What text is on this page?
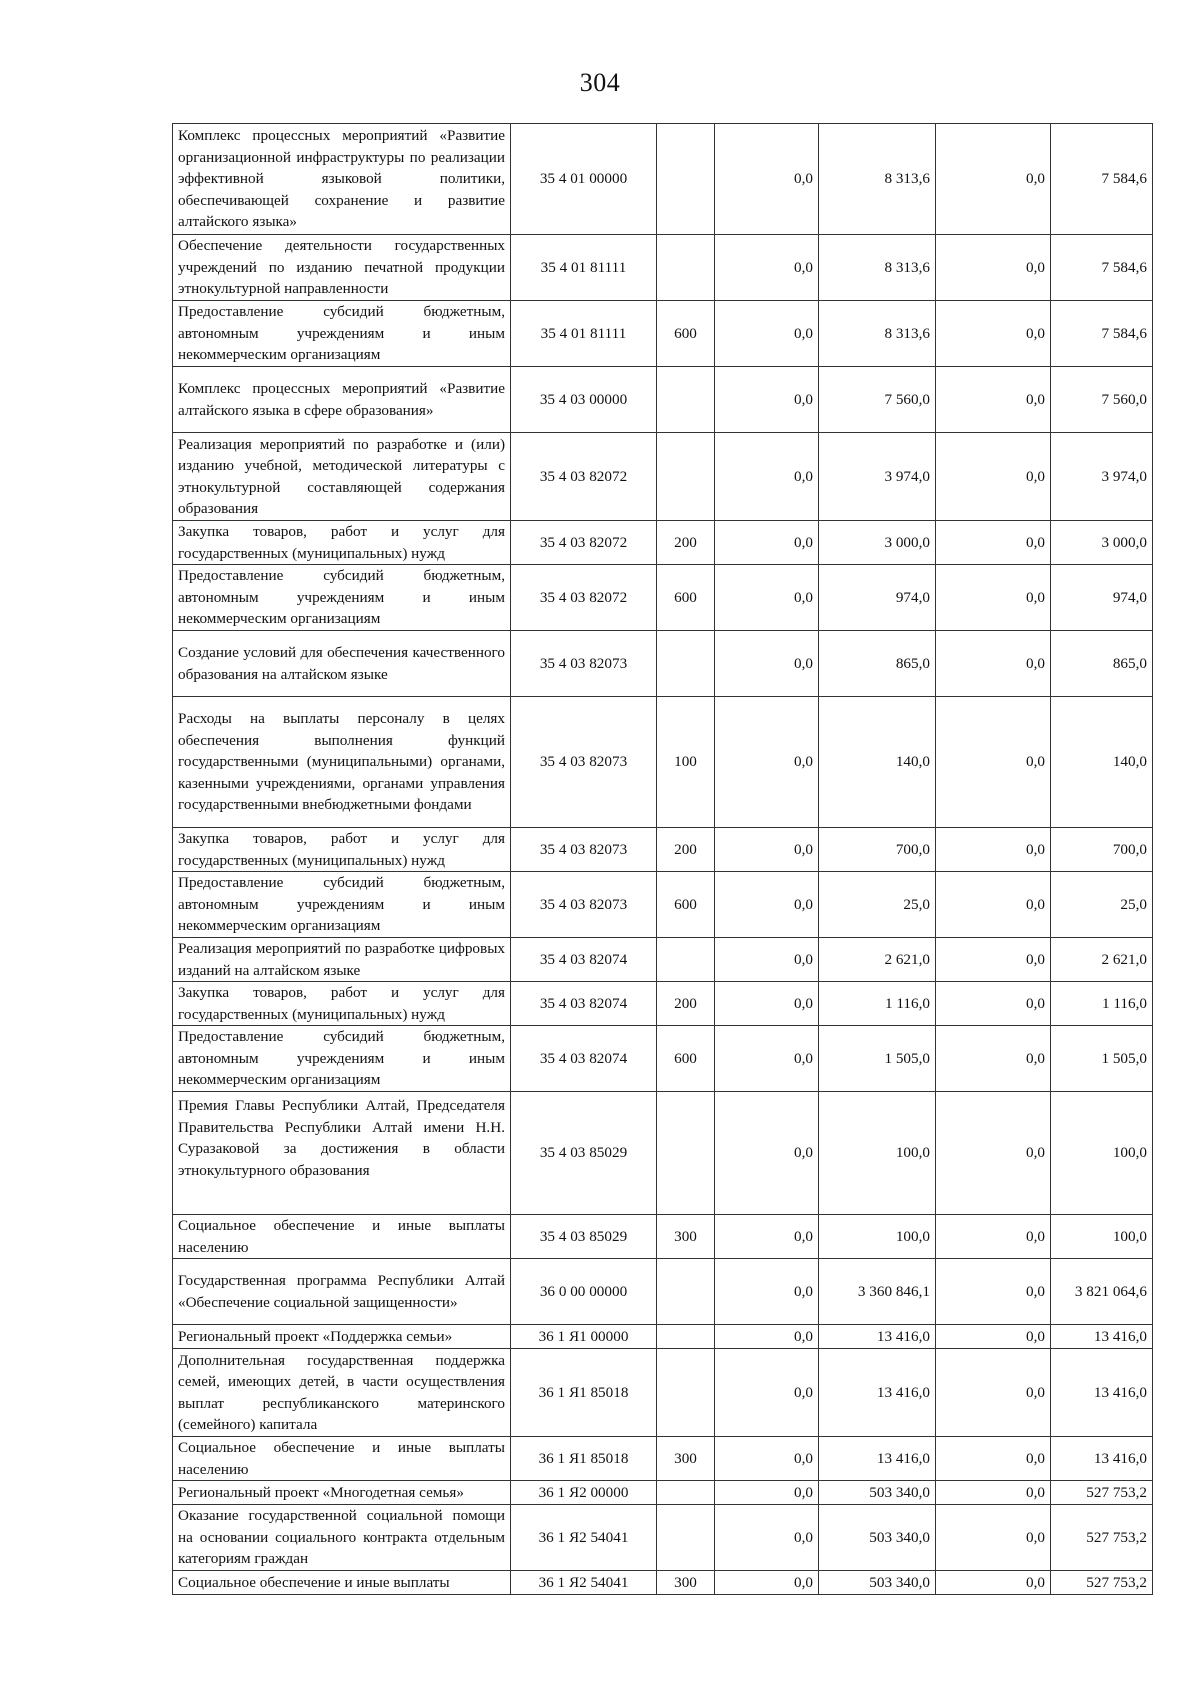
304
Комплекс процессных мероприятий «Развитие организационной инфраструктуры по реализации эффективной языковой политики, обеспечивающей сохранение и развитие алтайского языка»	35 4 01 00000		0,0	8 313,6	0,0	7 584,6
Обеспечение деятельности государственных учреждений по изданию печатной продукции этнокультурной направленности	35 4 01 81111		0,0	8 313,6	0,0	7 584,6
Предоставление субсидий бюджетным, автономным учреждениям и иным некоммерческим организациям	35 4 01 81111	600	0,0	8 313,6	0,0	7 584,6
Комплекс процессных мероприятий «Развитие алтайского языка в сфере образования»	35 4 03 00000		0,0	7 560,0	0,0	7 560,0
Реализация мероприятий по разработке и (или) изданию учебной, методической литературы с этнокультурной составляющей содержания образования	35 4 03 82072		0,0	3 974,0	0,0	3 974,0
Закупка товаров, работ и услуг для государственных (муниципальных) нужд	35 4 03 82072	200	0,0	3 000,0	0,0	3 000,0
Предоставление субсидий бюджетным, автономным учреждениям и иным некоммерческим организациям	35 4 03 82072	600	0,0	974,0	0,0	974,0
Создание условий для обеспечения качественного образования на алтайском языке	35 4 03 82073		0,0	865,0	0,0	865,0
Расходы на выплаты персоналу в целях обеспечения выполнения функций государственными (муниципальными) органами, казенными учреждениями, органами управления государственными внебюджетными фондами	35 4 03 82073	100	0,0	140,0	0,0	140,0
Закупка товаров, работ и услуг для государственных (муниципальных) нужд	35 4 03 82073	200	0,0	700,0	0,0	700,0
Предоставление субсидий бюджетным, автономным учреждениям и иным некоммерческим организациям	35 4 03 82073	600	0,0	25,0	0,0	25,0
Реализация мероприятий по разработке цифровых изданий на алтайском языке	35 4 03 82074		0,0	2 621,0	0,0	2 621,0
Закупка товаров, работ и услуг для государственных (муниципальных) нужд	35 4 03 82074	200	0,0	1 116,0	0,0	1 116,0
Предоставление субсидий бюджетным, автономным учреждениям и иным некоммерческим организациям	35 4 03 82074	600	0,0	1 505,0	0,0	1 505,0
Премия Главы Республики Алтай, Председателя Правительства Республики Алтай имени Н.Н. Суразаковой за достижения в области этнокультурного образования	35 4 03 85029		0,0	100,0	0,0	100,0
Социальное обеспечение и иные выплаты населению	35 4 03 85029	300	0,0	100,0	0,0	100,0
Государственная программа Республики Алтай «Обеспечение социальной защищенности»	36 0 00 00000		0,0	3 360 846,1	0,0	3 821 064,6
Региональный проект «Поддержка семьи»	36 1 Я1 00000		0,0	13 416,0	0,0	13 416,0
Дополнительная государственная поддержка семей, имеющих детей, в части осуществления выплат республиканского материнского (семейного) капитала	36 1 Я1 85018		0,0	13 416,0	0,0	13 416,0
Социальное обеспечение и иные выплаты населению	36 1 Я1 85018	300	0,0	13 416,0	0,0	13 416,0
Региональный проект «Многодетная семья»	36 1 Я2 00000		0,0	503 340,0	0,0	527 753,2
Оказание государственной социальной помощи на основании социального контракта отдельным категориям граждан	36 1 Я2 54041		0,0	503 340,0	0,0	527 753,2
Социальное обеспечение и иные выплаты	36 1 Я2 54041	300	0,0	503 340,0	0,0	527 753,2
